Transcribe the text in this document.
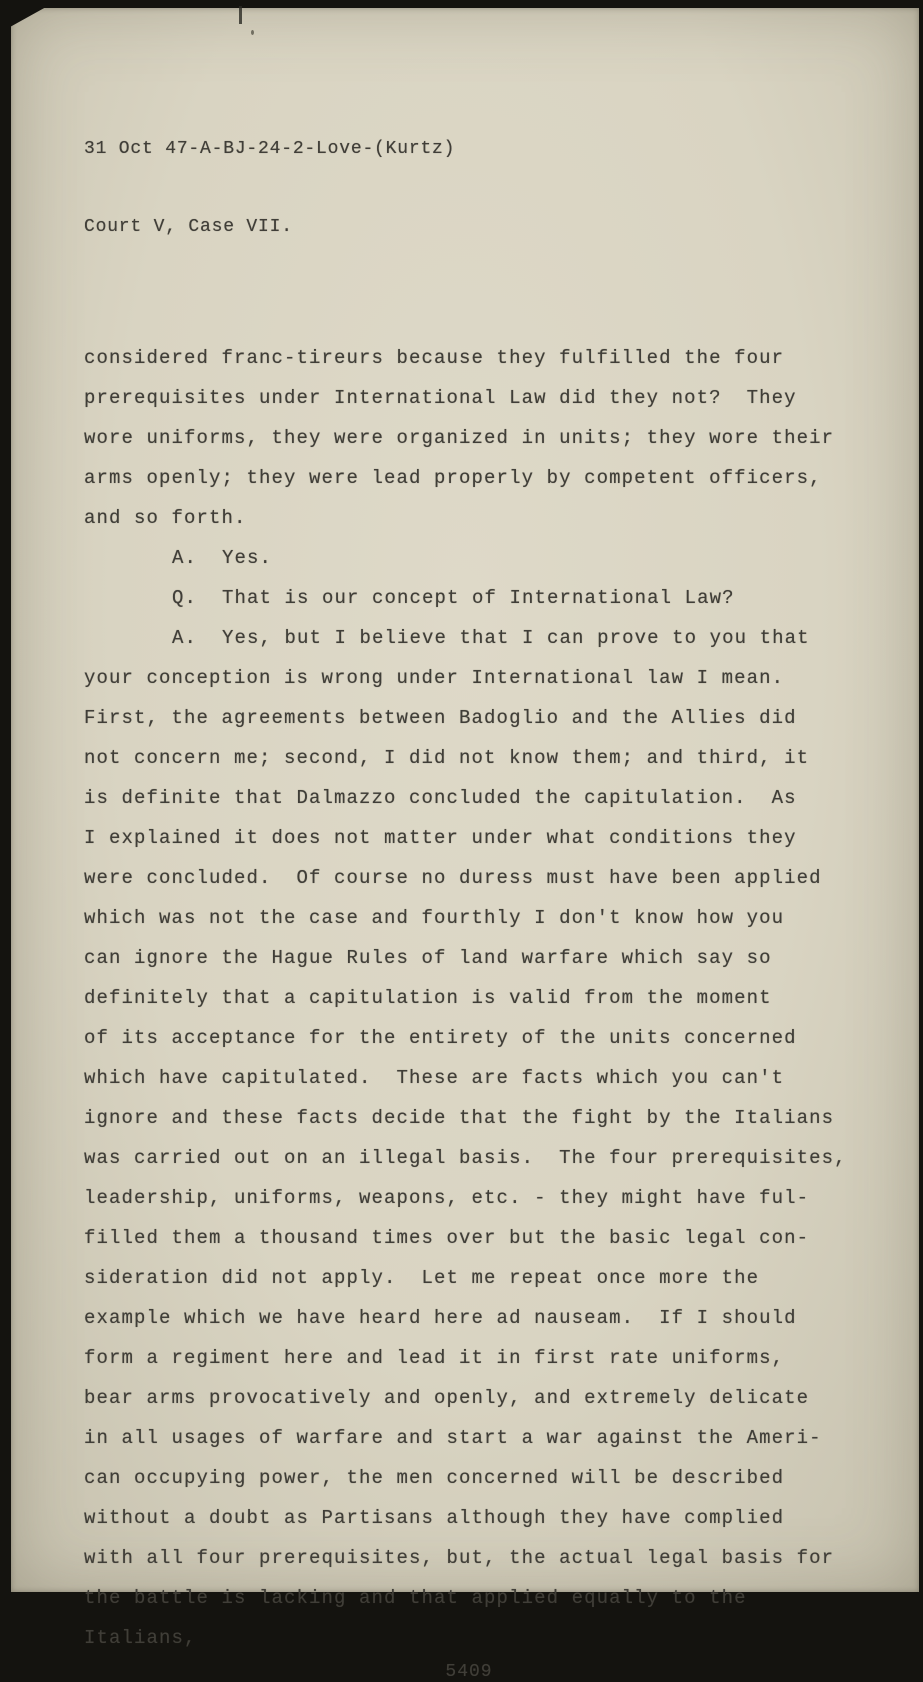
31 Oct 47-A-BJ-24-2-Love-(Kurtz)

Court V, Case VII.

considered franc-tireurs because they fulfilled the four
prerequisites under International Law did they not?  They
wore uniforms, they were organized in units; they wore their
arms openly; they were lead properly by competent officers,
and so forth.
A.  Yes.
Q.  That is our concept of International Law?
A.  Yes, but I believe that I can prove to you that
your conception is wrong under International law I mean.
First, the agreements between Badoglio and the Allies did
not concern me; second, I did not know them; and third, it
is definite that Dalmazzo concluded the capitulation.  As
I explained it does not matter under what conditions they
were concluded.  Of course no duress must have been applied
which was not the case and fourthly I don't know how you
can ignore the Hague Rules of land warfare which say so
definitely that a capitulation is valid from the moment
of its acceptance for the entirety of the units concerned
which have capitulated.  These are facts which you can't
ignore and these facts decide that the fight by the Italians
was carried out on an illegal basis.  The four prerequisites,
leadership, uniforms, weapons, etc. - they might have ful-
filled them a thousand times over but the basic legal con-
sideration did not apply.  Let me repeat once more the
example which we have heard here ad nauseam.  If I should
form a regiment here and lead it in first rate uniforms,
bear arms provocatively and openly, and extremely delicate
in all usages of warfare and start a war against the Ameri-
can occupying power, the men concerned will be described
without a doubt as Partisans although they have complied
with all four prerequisites, but, the actual legal basis for
the battle is lacking and that applied equally to the
Italians,
5409
